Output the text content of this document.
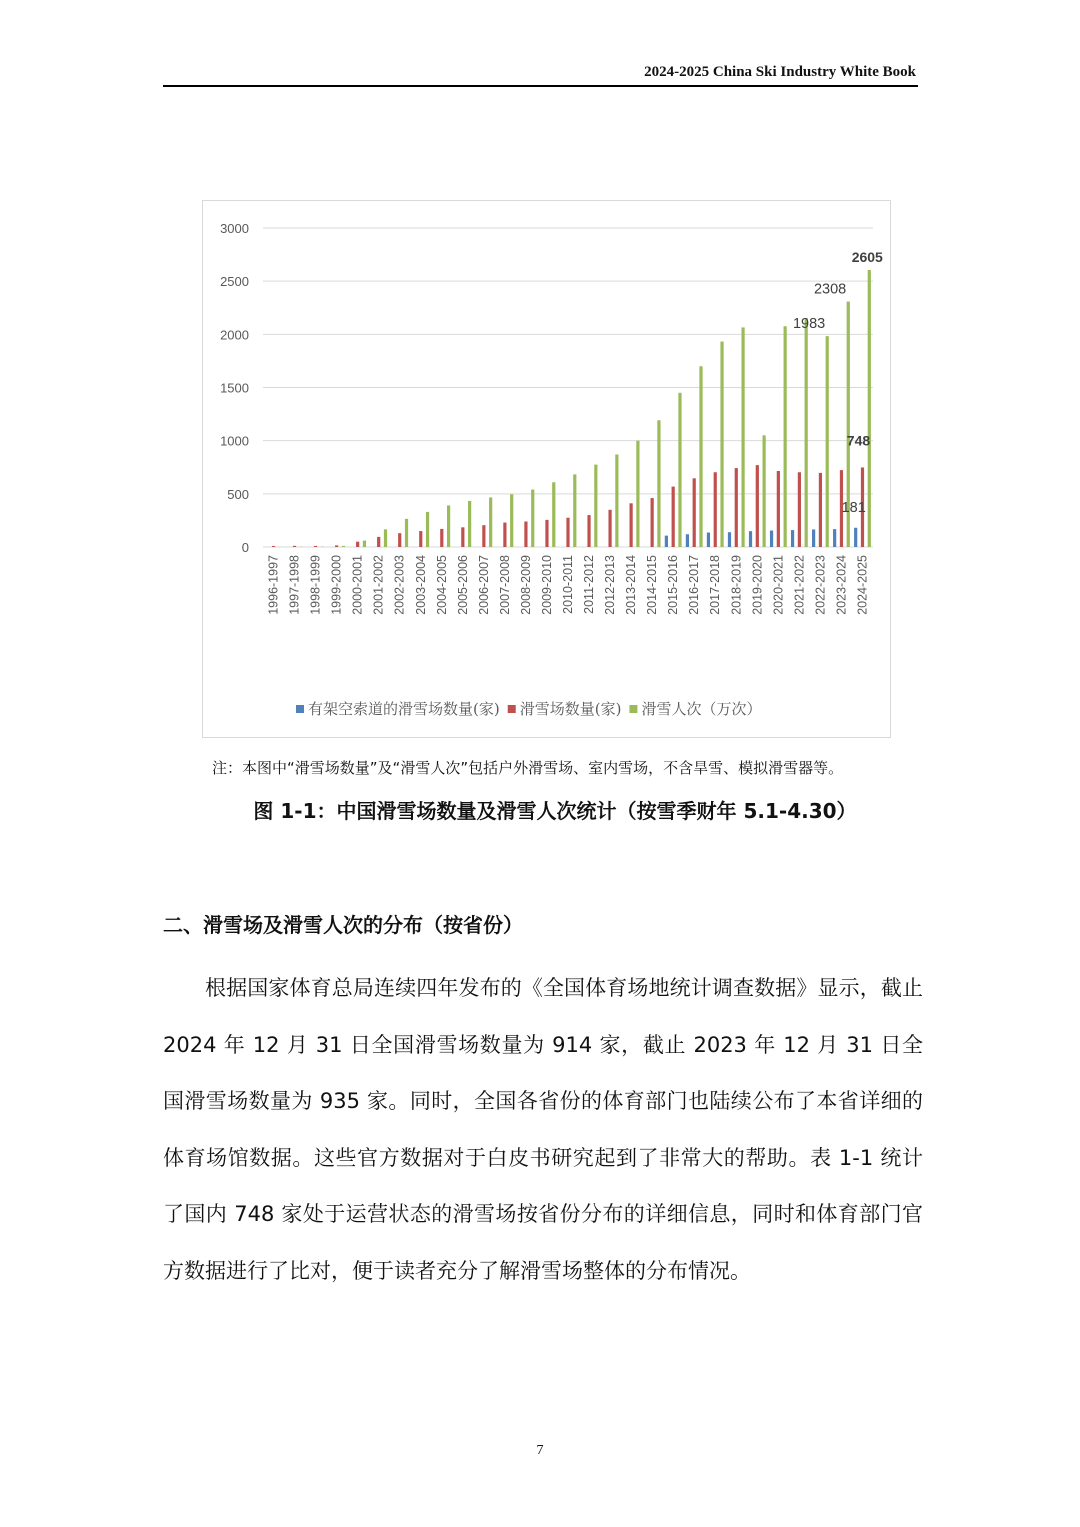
2024-2025 China Ski Industry White Book
0
500
1000
1500
2000
2500
3000
1996-1997 1997-1998 1998-1999 1999-2000 2000-2001 2001-2002 2002-2003 2003-2004 2004-2005 2005-2006 2006-2007 2007-2008 2008-2009 2009-2010 2010-2011 2011-2012 2012-2013 2013-2014 2014-2015 2015-2016 2016-2017 2017-2018 2018-2019 2019-2020 2020-2021 2021-2022 2022-2023 2023-2024 2024-2025
1983
2308
2605
748
181
有架空索道的滑雪场数量(家) 滑雪场数量(家) 滑雪人次（万次）
注：本图中“滑雪场数量”及“滑雪人次”包括户外滑雪场、室内雪场，不含旱雪、模拟滑雪器等。
图 1-1：中国滑雪场数量及滑雪人次统计（按雪季财年 5.1-4.30）
二、滑雪场及滑雪人次的分布（按省份）

根据国家体育总局连续四年发布的《全国体育场地统计调查数据》显示，截止 2024 年 12 月 31 日全国滑雪场数量为 914 家，截止 2023 年 12 月 31 日全国滑雪场数量为 935 家。同时，全国各省份的体育部门也陆续公布了本省详细的体育场馆数据。这些官方数据对于白皮书研究起到了非常大的帮助。表 1-1 统计了国内 748 家处于运营状态的滑雪场按省份分布的详细信息，同时和体育部门官方数据进行了比对，便于读者充分了解滑雪场整体的分布情况。

7
